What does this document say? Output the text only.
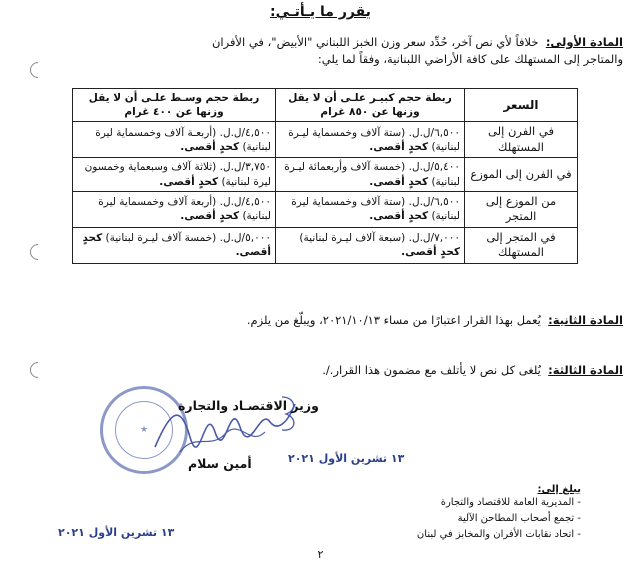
يقرر ما يـأتـي:
المادة الأولى:  خلافاً لأي نص آخر، حُدِّد سعر وزن الخبز اللبناني "الأبيض"، في الأفران
والمتاجر إلى المستهلك على كافة الأراضي اللبنانية، وفقاً لما يلي:
السعر	ربطة حجم كبيـر علـى أن لا يقل وزنها عن ٨٥٠ غرام	ربطة حجم وسـط علـى أن لا يقل وزنها عن ٤٠٠ غرام
في الفرن إلى المستهلك	٦,٥٠٠/ل.ل. (ستة آلاف وخمسماية ليـرة لبنانية) كحدٍ أقصى.	٤,٥٠٠/ل.ل. (أربعـة آلاف وخمسماية ليرة لبنانية) كحدٍ أقصى.
في الفرن إلى الموزع	٥,٤٠٠/ل.ل. (خمسة آلاف وأربعمائة ليـرة لبنانية) كحدٍ أقصى.	٣,٧٥٠/ل.ل. (ثلاثة آلاف وسبعماية وخمسون ليرة لبنانية) كحدٍ أقصى.
من الموزع إلى المتجر	٦,٥٠٠/ل.ل. (ستة آلاف وخمسماية ليرة لبنانية) كحدٍ أقصى.	٤,٥٠٠/ل.ل. (أربعة آلاف وخمسماية ليرة لبنانية) كحدٍ أقصى.
في المتجر إلى المستهلك	٧,٠٠٠/ل.ل. (سبعة آلاف ليـرة لبنانية) كحدٍ أقصى.	٥,٠٠٠/ل.ل. (خمسة آلاف ليـرة لبنانية) كحدٍ أقصى.
المادة الثانية:  يُعمل بهذا القرار اعتبارًا من مساء ٢٠٢١/١٠/١٣، ويبلّغ من يلزم.
المادة الثالثة:  يُلغى كل نص لا يأتلف مع مضمون هذا القرار./.
★
وزير الاقتصـاد والتجارة
أمين سلام	١٣ تشرين الأول ٢٠٢١
١٣ تشرين الأول ٢٠٢١
يبلغ إلى:
- المديرية العامة للاقتصاد والتجارة
- تجمع أصحاب المطاحن الآلية
- اتحاد نقابات الأفران والمخابز في لبنان
٢
